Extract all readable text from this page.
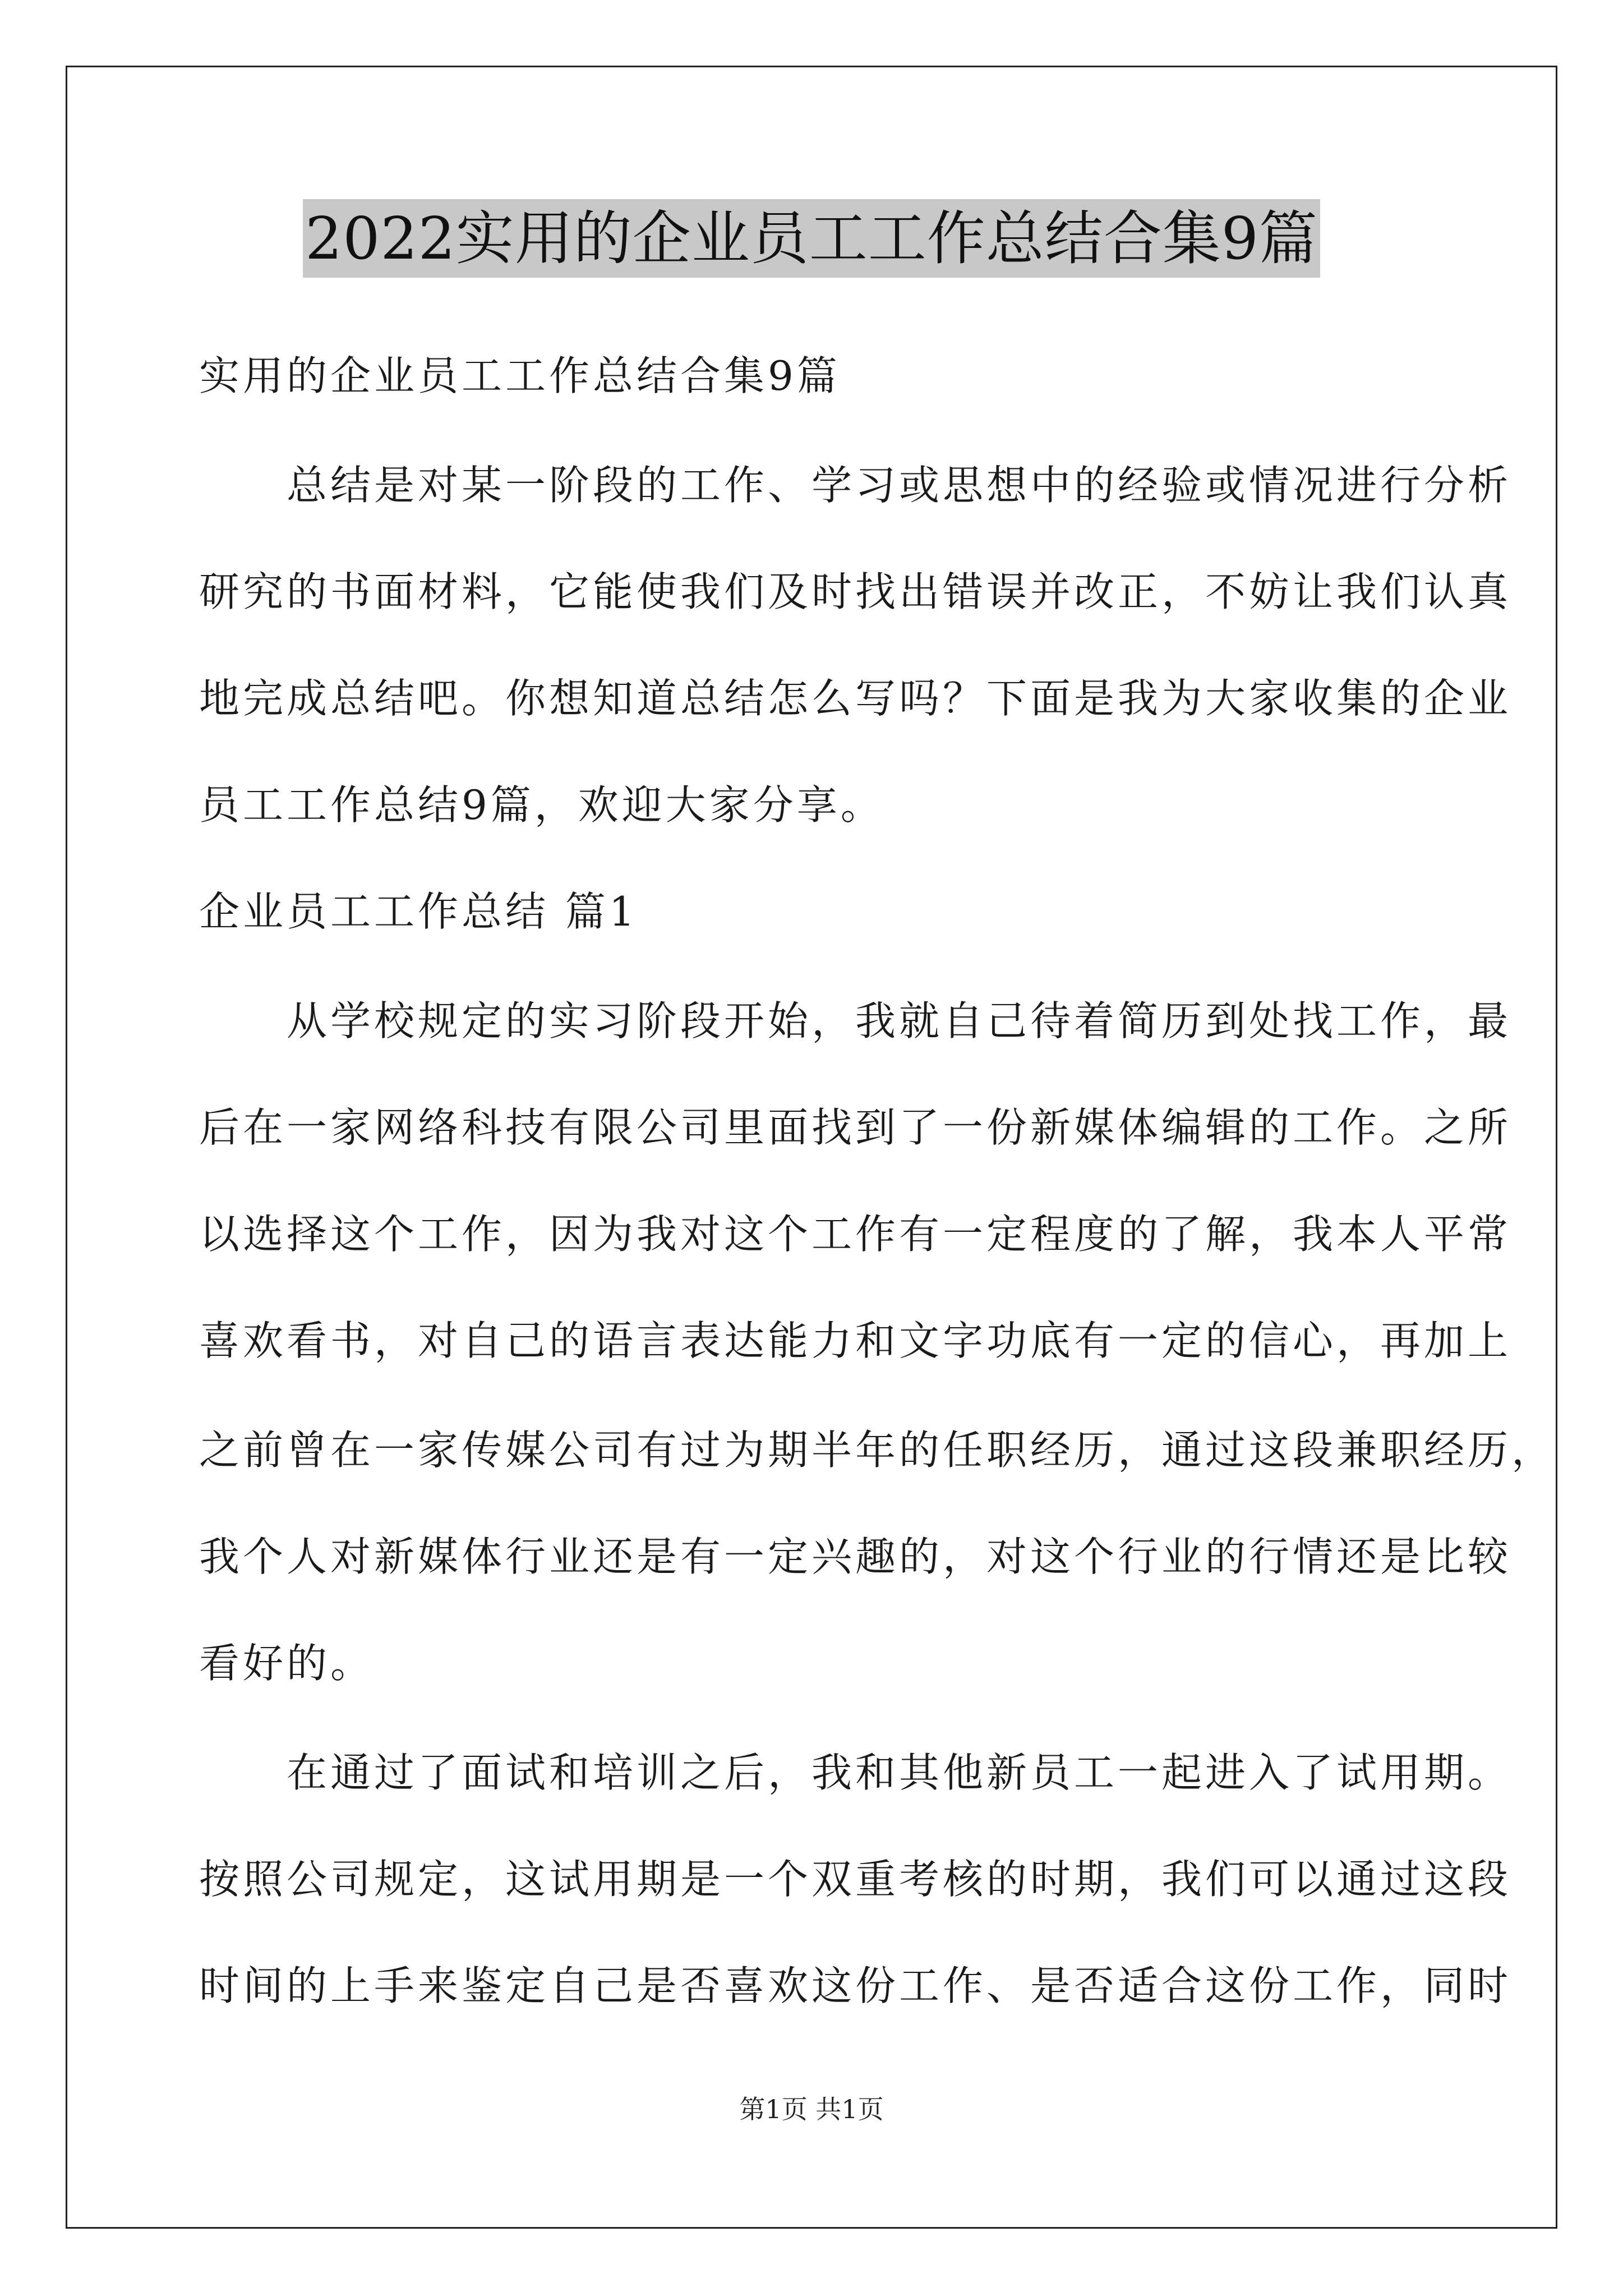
2022实用的企业员工工作总结合集9篇
实用的企业员工工作总结合集9篇
　　总结是对某一阶段的工作、学习或思想中的经验或情况进行分析
研究的书面材料，它能使我们及时找出错误并改正，不妨让我们认真
地完成总结吧。你想知道总结怎么写吗？下面是我为大家收集的企业
员工工作总结9篇，欢迎大家分享。
企业员工工作总结 篇1
　　从学校规定的实习阶段开始，我就自己待着简历到处找工作，最
后在一家网络科技有限公司里面找到了一份新媒体编辑的工作。之所
以选择这个工作，因为我对这个工作有一定程度的了解，我本人平常
喜欢看书，对自己的语言表达能力和文字功底有一定的信心，再加上
之前曾在一家传媒公司有过为期半年的任职经历，通过这段兼职经历，
我个人对新媒体行业还是有一定兴趣的，对这个行业的行情还是比较
看好的。
　　在通过了面试和培训之后，我和其他新员工一起进入了试用期。
按照公司规定，这试用期是一个双重考核的时期，我们可以通过这段
时间的上手来鉴定自己是否喜欢这份工作、是否适合这份工作，同时
第1页 共1页
